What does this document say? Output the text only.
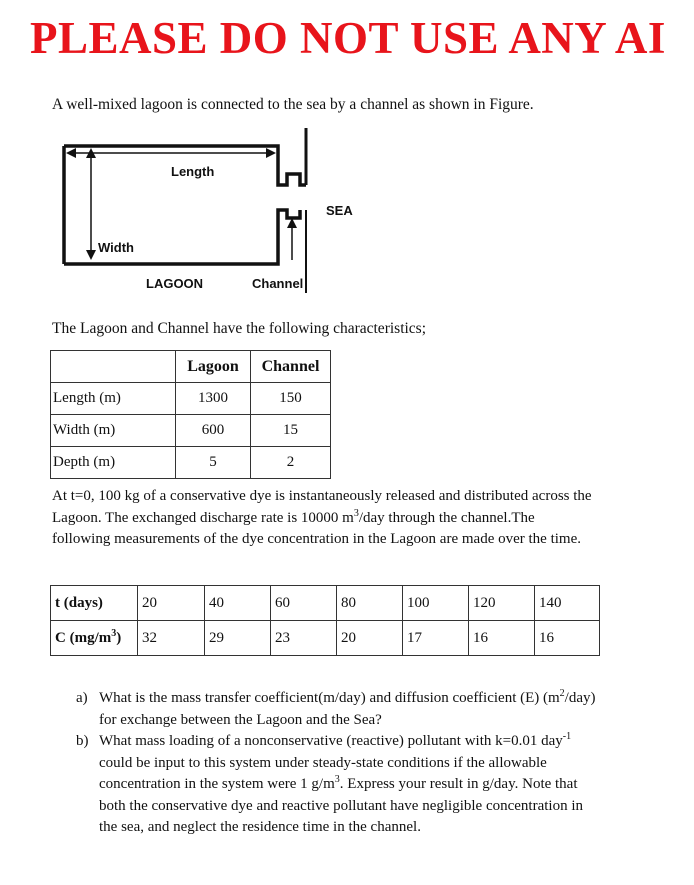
PLEASE DO NOT USE ANY AI
A well-mixed lagoon is connected to the sea by a channel as shown in Figure.
Length
Width
SEA
LAGOON	Channel
The Lagoon and Channel have the following characteristics;
	Lagoon	Channel
Length (m)	1300	150
Width (m)	600	15
Depth (m)	5	2
At t=0, 100 kg of a conservative dye is instantaneously released and distributed across the Lagoon. The exchanged discharge rate is 10000 $m^3$/day through the channel.The following measurements of the dye concentration in the Lagoon are made over the time.
t (days)	20	40	60	80	100	120	140
C $(mg/m^3)$	32	29	23	20	17	16	16
a) What is the mass transfer coefficient(m/day) and diffusion coefficient (E) $(m^2/day)$ for exchange between the Lagoon and the Sea?
b) What mass loading of a nonconservative (reactive) pollutant with k=0.01 day$^{-1}$ could be input to this system under steady-state conditions if the allowable concentration in the system were 1 $g/m^3$. Express your result in g/day. Note that both the conservative dye and reactive pollutant have negligible concentration in the sea, and neglect the residence time in the channel.
